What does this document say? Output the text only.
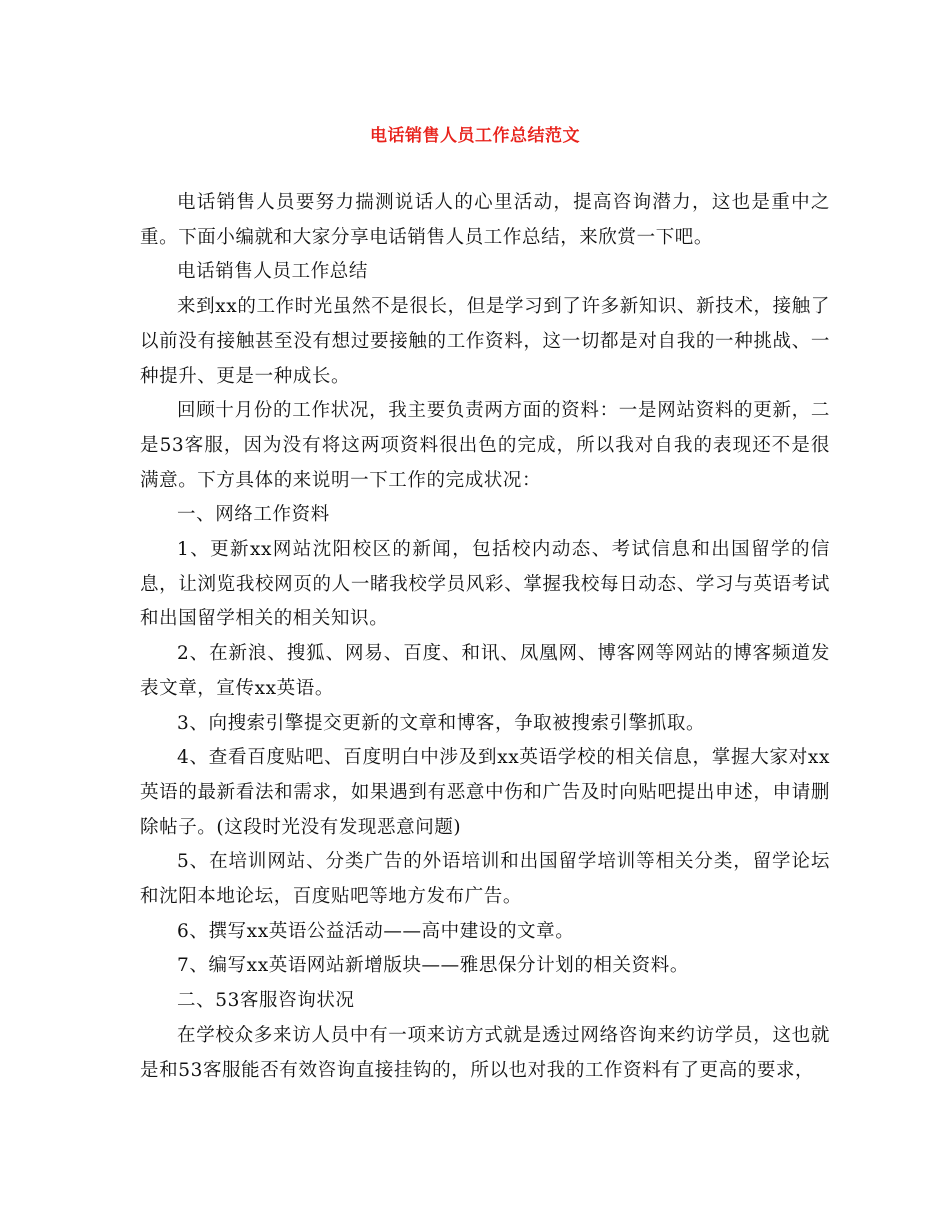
电话销售人员工作总结范文

电话销售人员要努力揣测说话人的心里活动，提高咨询潜力，这也是重中之重。下面小编就和大家分享电话销售人员工作总结，来欣赏一下吧。

电话销售人员工作总结

来到xx的工作时光虽然不是很长，但是学习到了许多新知识、新技术，接触了以前没有接触甚至没有想过要接触的工作资料，这一切都是对自我的一种挑战、一种提升、更是一种成长。

回顾十月份的工作状况，我主要负责两方面的资料：一是网站资料的更新，二是53客服，因为没有将这两项资料很出色的完成，所以我对自我的表现还不是很满意。下方具体的来说明一下工作的完成状况：

一、网络工作资料

1、更新xx网站沈阳校区的新闻，包括校内动态、考试信息和出国留学的信息，让浏览我校网页的人一睹我校学员风彩、掌握我校每日动态、学习与英语考试和出国留学相关的相关知识。

2、在新浪、搜狐、网易、百度、和讯、凤凰网、博客网等网站的博客频道发表文章，宣传xx英语。

3、向搜索引擎提交更新的文章和博客，争取被搜索引擎抓取。

4、查看百度贴吧、百度明白中涉及到xx英语学校的相关信息，掌握大家对xx英语的最新看法和需求，如果遇到有恶意中伤和广告及时向贴吧提出申述，申请删除帖子。(这段时光没有发现恶意问题)

5、在培训网站、分类广告的外语培训和出国留学培训等相关分类，留学论坛和沈阳本地论坛，百度贴吧等地方发布广告。

6、撰写xx英语公益活动——高中建设的文章。

7、编写xx英语网站新增版块——雅思保分计划的相关资料。

二、53客服咨询状况

在学校众多来访人员中有一项来访方式就是透过网络咨询来约访学员，这也就是和53客服能否有效咨询直接挂钩的，所以也对我的工作资料有了更高的要求，
